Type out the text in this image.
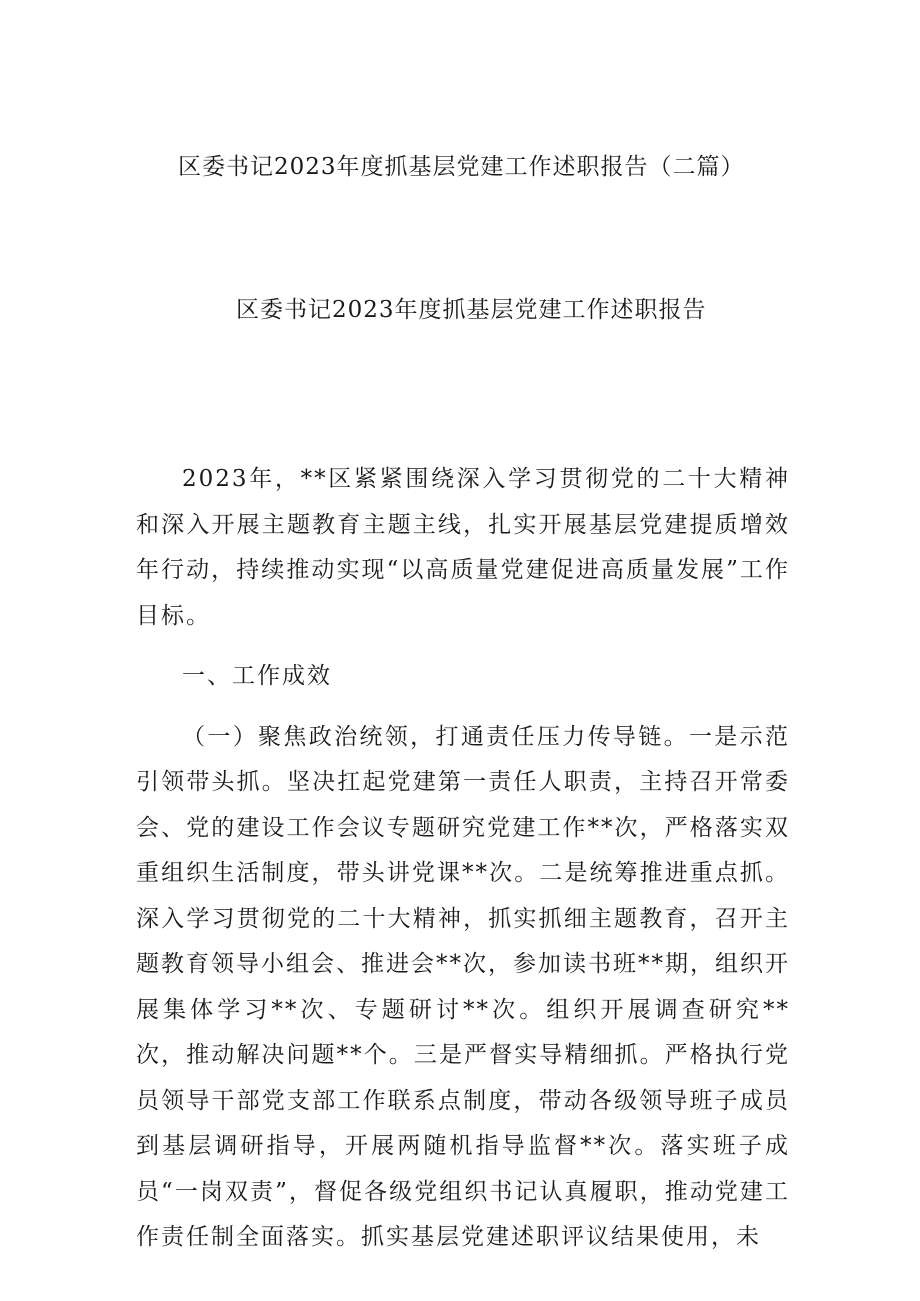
区委书记2023年度抓基层党建工作述职报告（二篇）
区委书记2023年度抓基层党建工作述职报告

2023年，**区紧紧围绕深入学习贯彻党的二十大精神和深入开展主题教育主题主线，扎实开展基层党建提质增效年行动，持续推动实现“以高质量党建促进高质量发展”工作目标。

一、工作成效

（一）聚焦政治统领，打通责任压力传导链。一是示范引领带头抓。坚决扛起党建第一责任人职责，主持召开常委会、党的建设工作会议专题研究党建工作**次，严格落实双重组织生活制度，带头讲党课**次。二是统筹推进重点抓。深入学习贯彻党的二十大精神，抓实抓细主题教育，召开主题教育领导小组会、推进会**次，参加读书班**期，组织开展集体学习**次、专题研讨**次。组织开展调查研究**次，推动解决问题**个。三是严督实导精细抓。严格执行党员领导干部党支部工作联系点制度，带动各级领导班子成员到基层调研指导，开展两随机指导监督**次。落实班子成员“一岗双责”，督促各级党组织书记认真履职，推动党建工作责任制全面落实。抓实基层党建述职评议结果使用，未
